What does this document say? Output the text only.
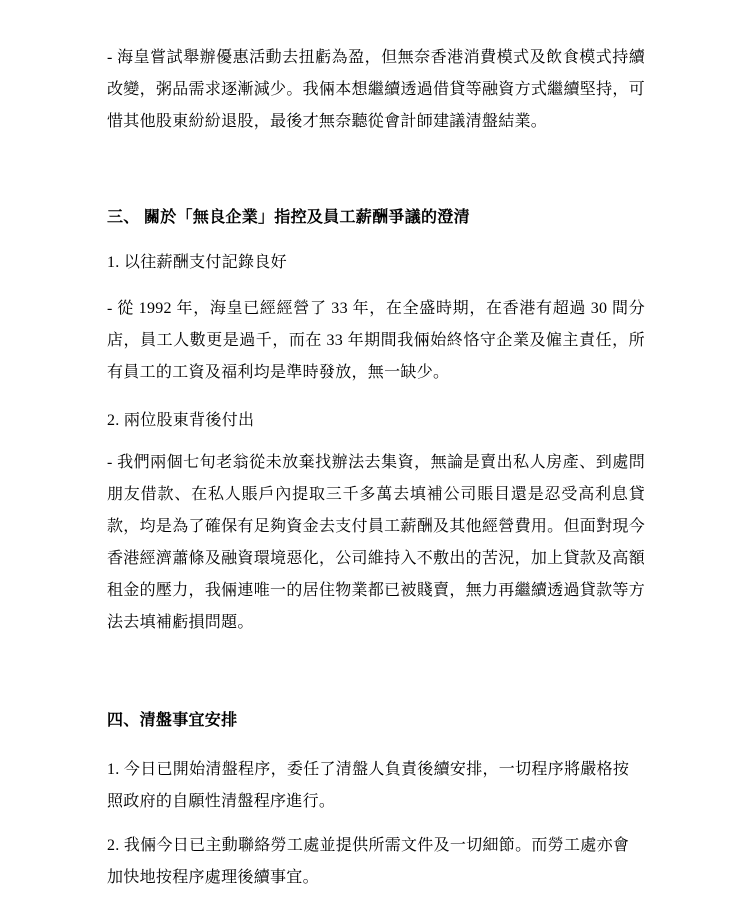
- 海皇嘗試舉辦優惠活動去扭虧為盈，但無奈香港消費模式及飲食模式持續改變，粥品需求逐漸減少。我倆本想繼續透過借貸等融資方式繼續堅持，可惜其他股東紛紛退股，最後才無奈聽從會計師建議清盤結業。

三、 關於「無良企業」指控及員工薪酬爭議的澄清

1. 以往薪酬支付記錄良好

- 從 1992 年，海皇已經經營了 33 年，在全盛時期，在香港有超過 30 間分店，員工人數更是過千，而在 33 年期間我倆始終恪守企業及僱主責任，所有員工的工資及福利均是準時發放，無一缺少。

2. 兩位股東背後付出

- 我們兩個七旬老翁從未放棄找辦法去集資，無論是賣出私人房產、到處問朋友借款、在私人賬戶內提取三千多萬去填補公司賬目還是忍受高利息貸款，均是為了確保有足夠資金去支付員工薪酬及其他經營費用。但面對現今香港經濟蕭條及融資環境惡化，公司維持入不敷出的苦況，加上貸款及高額租金的壓力，我倆連唯一的居住物業都已被賤賣，無力再繼續透過貸款等方法去填補虧損問題。

四、清盤事宜安排

1. 今日已開始清盤程序，委任了清盤人負責後續安排，一切程序將嚴格按照政府的自願性清盤程序進行。

2. 我倆今日已主動聯絡勞工處並提供所需文件及一切細節。而勞工處亦會加快地按程序處理後續事宜。
